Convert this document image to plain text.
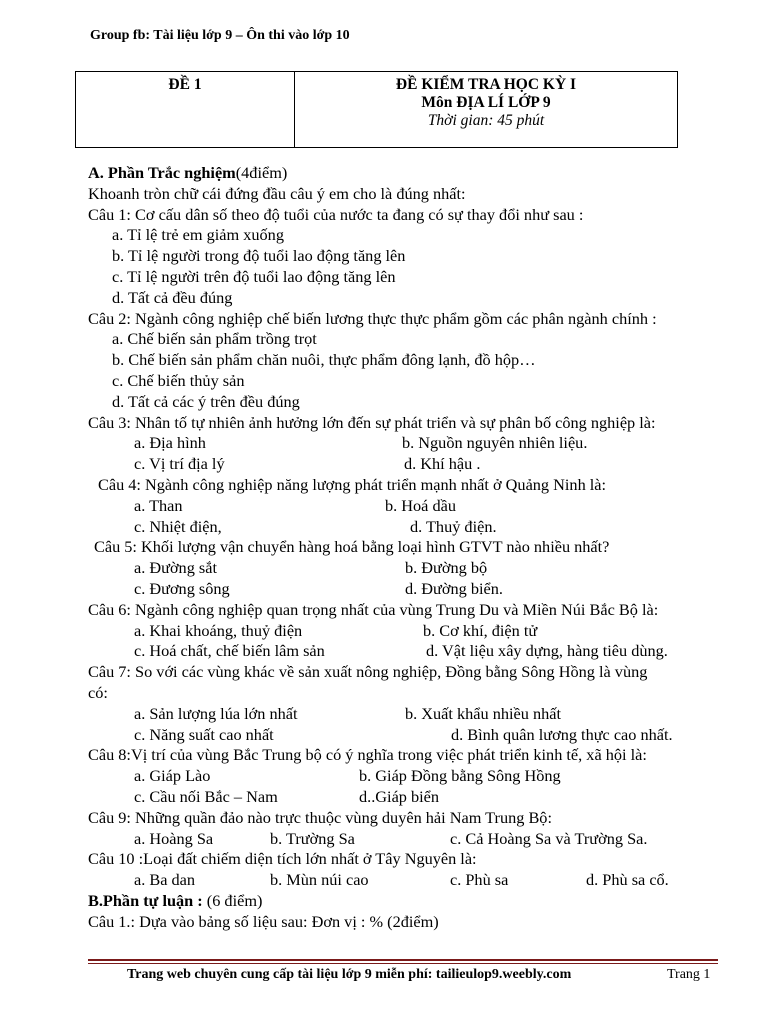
Group fb: Tài liệu lớp 9 – Ôn thi vào lớp 10
ĐỀ 1	ĐỀ KIỂM TRA HỌC KỲ I
Môn ĐỊA LÍ LỚP 9
Thời gian: 45 phút
A. Phần Trắc nghiệm(4điểm)
Khoanh tròn chữ cái đứng đầu câu ý em cho là đúng nhất:
Câu 1: Cơ cấu dân số theo độ tuổi của nước ta đang có sự thay đổi như sau :
a. Tỉ lệ trẻ em giảm xuống
b. Tỉ lệ người trong độ tuổi lao động tăng lên
c. Tỉ lệ người trên độ tuổi lao động tăng lên
d. Tất cả đều đúng
Câu 2: Ngành công nghiệp chế biến lương thực thực phẩm gồm các phân ngành chính :
a. Chế biến sản phẩm trồng trọt
b. Chế biến sản phẩm chăn nuôi, thực phẩm đông lạnh, đồ hộp…
c. Chế biến thủy sản
d. Tất cả các ý trên đều đúng
Câu 3: Nhân tố tự nhiên ảnh hưởng lớn đến sự phát triển và sự phân bố công nghiệp là:
a. Địa hình	b. Nguồn nguyên nhiên liệu.
c. Vị trí địa lý	d. Khí hậu .
Câu 4: Ngành công nghiệp năng lượng phát triển mạnh nhất ở Quảng Ninh là:
a. Than	b. Hoá dầu
c. Nhiệt điện,	d. Thuỷ điện.
Câu 5: Khối lượng vận chuyển hàng hoá bằng loại hình GTVT nào nhiều nhất?
a. Đường sắt	b. Đường bộ
c. Đương sông	d. Đường biển.
Câu 6: Ngành công nghiệp quan trọng nhất của vùng Trung Du và Miền Núi Bắc Bộ là:
a. Khai khoáng, thuỷ điện	b. Cơ khí, điện tử
c. Hoá chất, chế biến lâm sản	d. Vật liệu xây dựng, hàng tiêu dùng.
Câu 7: So với các vùng khác về sản xuất nông nghiệp, Đồng bằng Sông Hồng là vùng
có:
a. Sản lượng lúa lớn nhất	b. Xuất khẩu nhiều nhất
c. Năng suất cao nhất	d. Bình quân lương thực cao nhất.
Câu 8:Vị trí của vùng Bắc Trung bộ có ý nghĩa trong việc phát triển kinh tế, xã hội là:
a. Giáp Lào	b. Giáp Đồng bằng Sông Hồng
c. Cầu nối Bắc – Nam	d..Giáp biển
Câu 9: Những quần đảo nào trực thuộc vùng duyên hải Nam Trung Bộ:
a. Hoàng Sa	b. Trường Sa	c. Cả Hoàng Sa và Trường Sa.
Câu 10 :Loại đất chiếm diện tích lớn nhất ở Tây Nguyên là:
a. Ba dan	b. Mùn núi cao	c. Phù sa	d. Phù sa cổ.
B.Phần tự luận : (6 điểm)
Câu 1.: Dựa vào bảng số liệu sau: Đơn vị : % (2điểm)
Trang web chuyên cung cấp tài liệu lớp 9 miễn phí: tailieulop9.weebly.com	Trang 1
